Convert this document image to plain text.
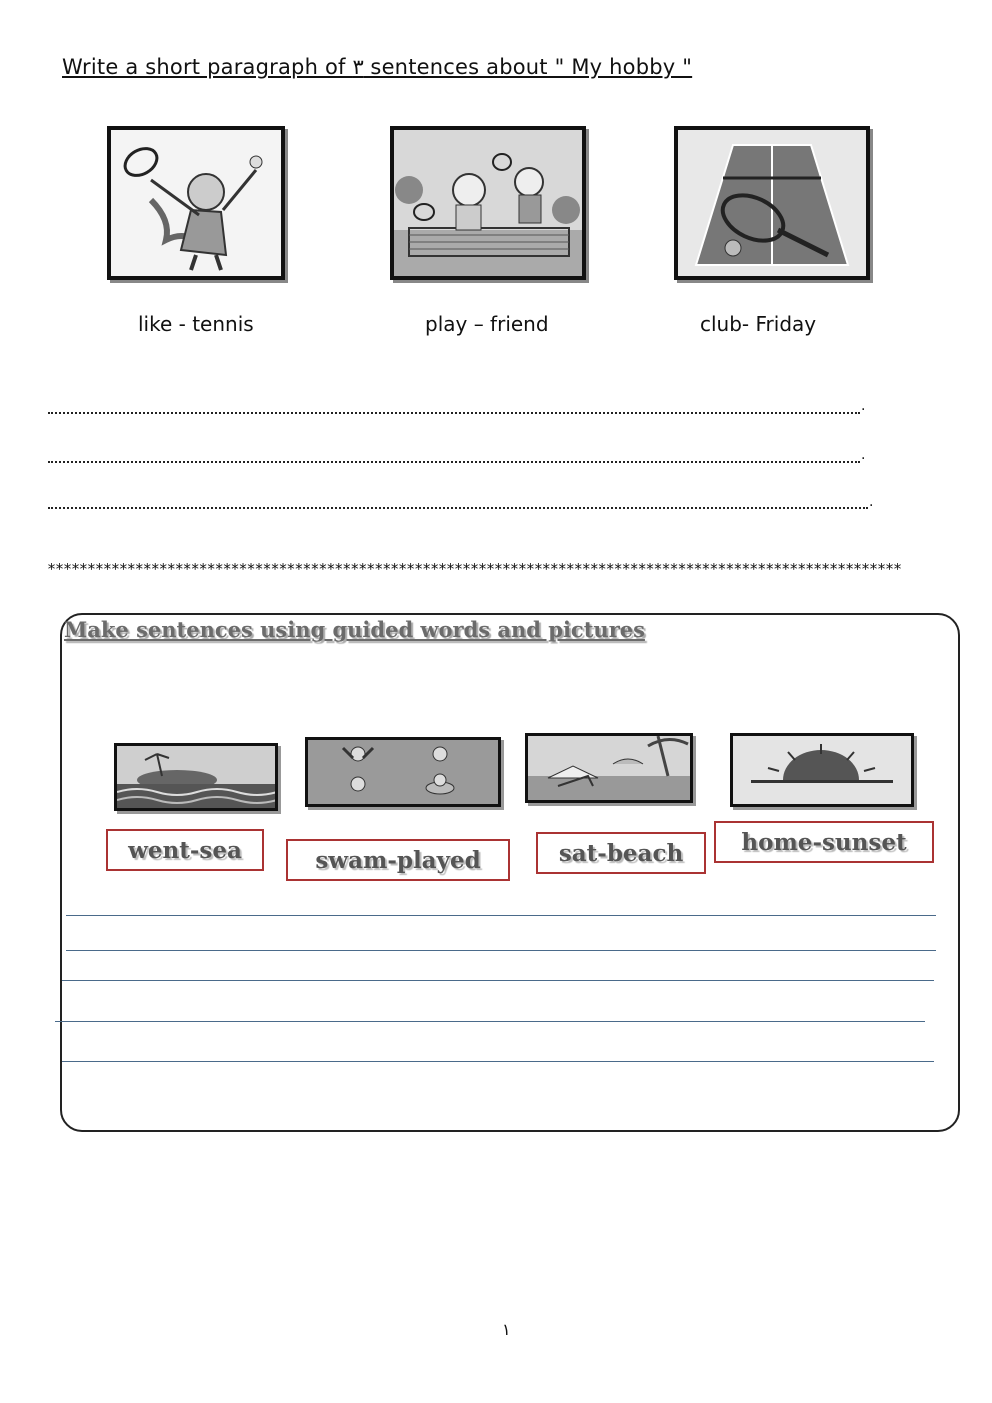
Write a short paragraph of ٣ sentences about " My hobby "
like - tennis	play – friend	club- Friday
.
.
.
***********************************************************************************************************
Make sentences using guided words and pictures
went-sea	swam-played	sat-beach	home-sunset
١
